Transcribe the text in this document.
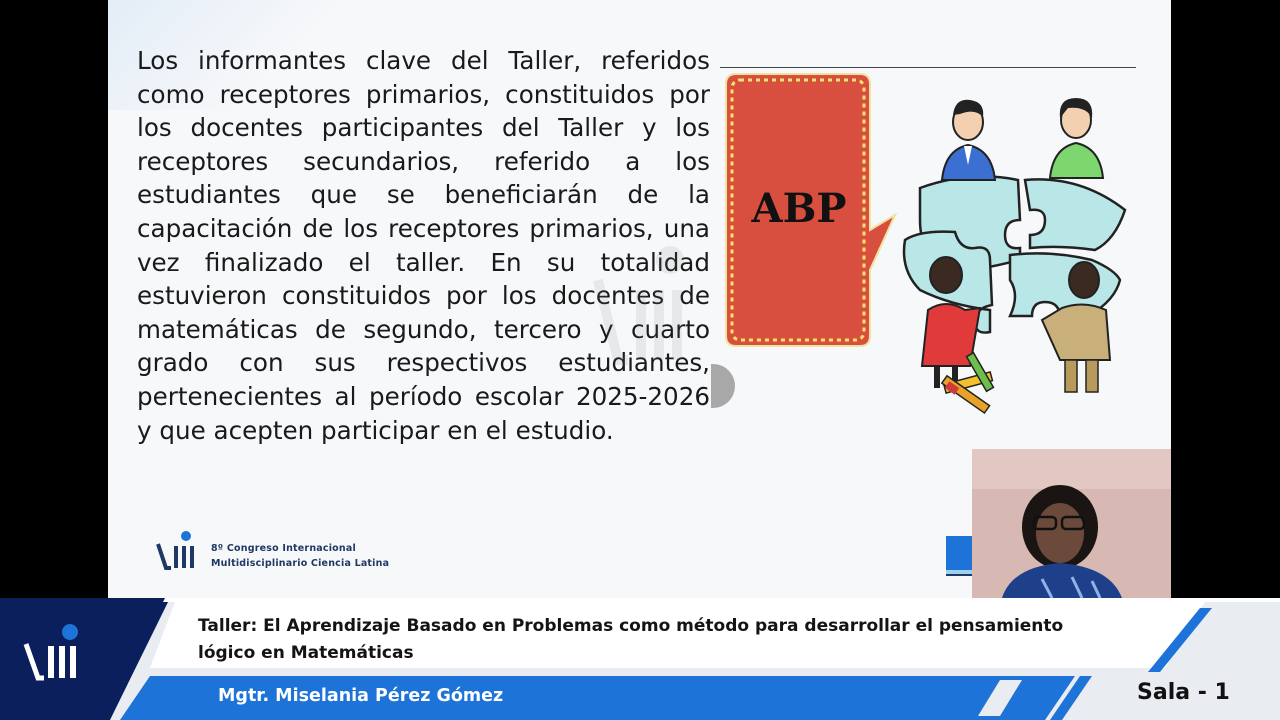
Los informantes clave del Taller, referidos como receptores primarios, constituidos por los docentes participantes del Taller y los receptores secundarios, referido a los estudiantes que se beneficiarán de la capacitación de los receptores primarios, una vez finalizado el taller. En su totalidad estuvieron constituidos por los docentes de matemáticas de segundo, tercero y cuarto grado con sus respectivos estudiantes, pertenecientes al período escolar 2025-2026 y que acepten participar en el estudio.

ABP
8º Congreso Internacional
Multidisciplinario Ciencia Latina
Taller: El Aprendizaje Basado en Problemas como método para desarrollar el pensamiento
lógico en Matemáticas
Mgtr. Miselania Pérez Gómez	Sala - 1
